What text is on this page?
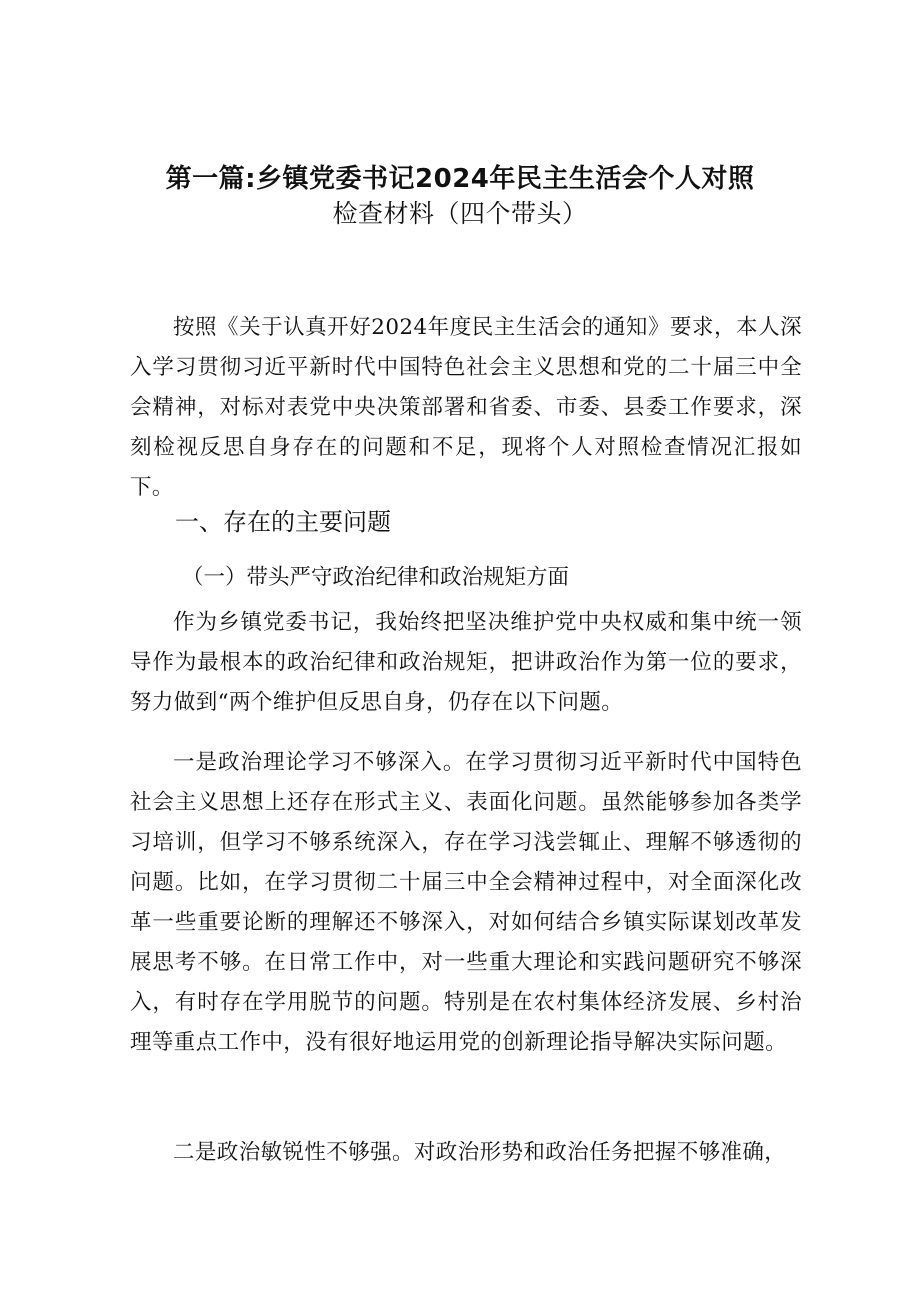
第一篇:乡镇党委书记2024年民主生活会个人对照
检查材料（四个带头）
按照《关于认真开好2024年度民主生活会的通知》要求，本人深入学习贯彻习近平新时代中国特色社会主义思想和党的二十届三中全会精神，对标对表党中央决策部署和省委、市委、县委工作要求，深刻检视反思自身存在的问题和不足，现将个人对照检查情况汇报如下。
一、存在的主要问题
（一）带头严守政治纪律和政治规矩方面
作为乡镇党委书记，我始终把坚决维护党中央权威和集中统一领导作为最根本的政治纪律和政治规矩，把讲政治作为第一位的要求，努力做到“两个维护但反思自身，仍存在以下问题。
一是政治理论学习不够深入。在学习贯彻习近平新时代中国特色社会主义思想上还存在形式主义、表面化问题。虽然能够参加各类学习培训，但学习不够系统深入，存在学习浅尝辄止、理解不够透彻的问题。比如，在学习贯彻二十届三中全会精神过程中，对全面深化改革一些重要论断的理解还不够深入，对如何结合乡镇实际谋划改革发展思考不够。在日常工作中，对一些重大理论和实践问题研究不够深入，有时存在学用脱节的问题。特别是在农村集体经济发展、乡村治理等重点工作中，没有很好地运用党的创新理论指导解决实际问题。
二是政治敏锐性不够强。对政治形势和政治任务把握不够准确，
